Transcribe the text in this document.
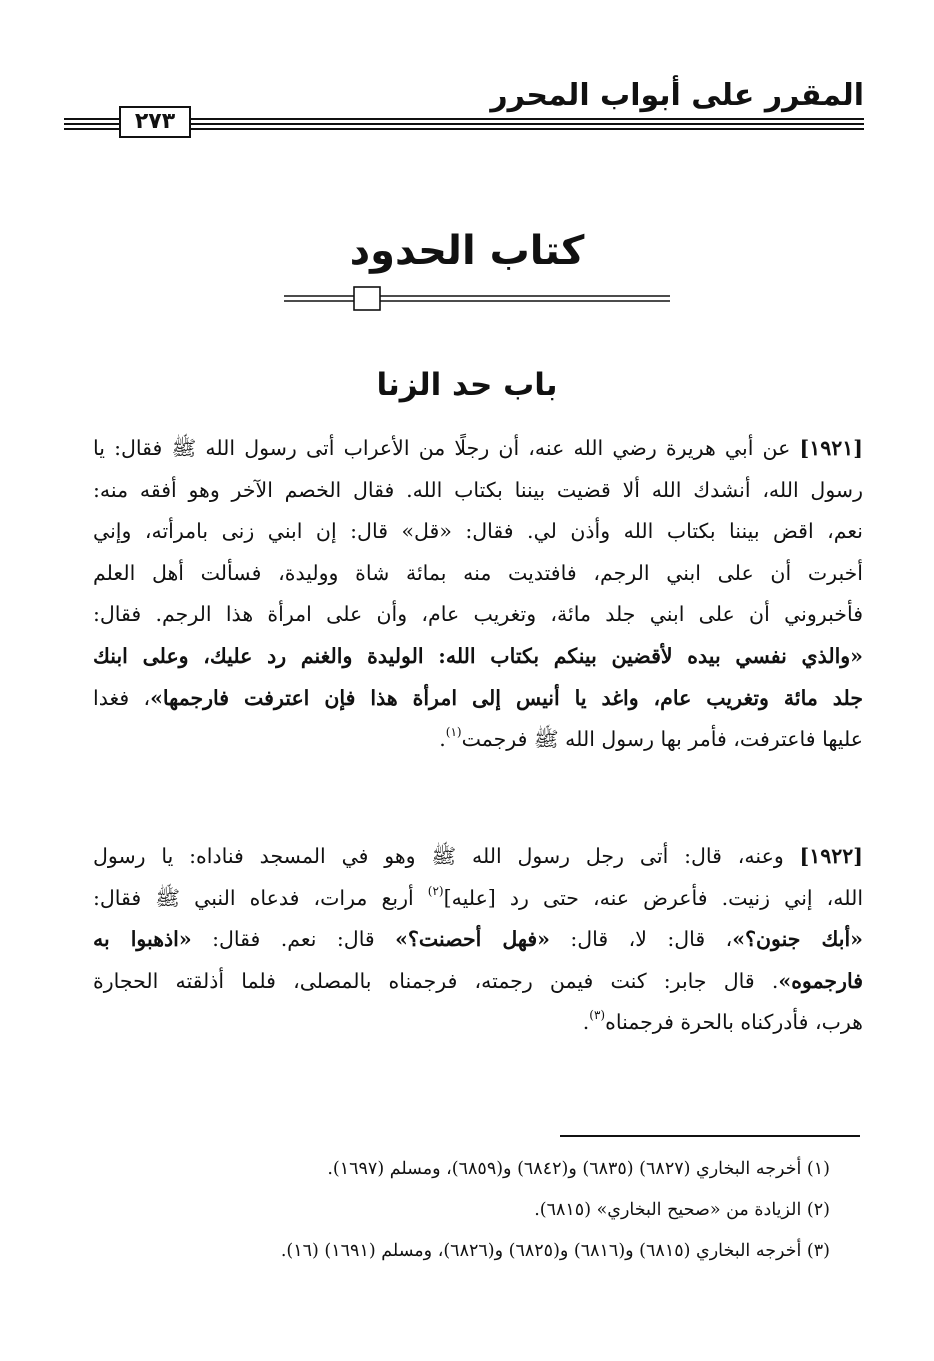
المقرر على أبواب المحرر
٢٧٣
كتاب الحدود
باب حد الزنا
[١٩٢١] عن أبي هريرة رضي الله عنه، أن رجلًا من الأعراب أتى رسول الله ﷺ فقال: يا
رسول الله، أنشدك الله ألا قضيت بيننا بكتاب الله. فقال الخصم الآخر وهو أفقه منه:
نعم، اقض بيننا بكتاب الله وأذن لي. فقال: «قل» قال: إن ابني زنى بامرأته، وإني
أخبرت أن على ابني الرجم، فافتديت منه بمائة شاة ووليدة، فسألت أهل العلم
فأخبروني أن على ابني جلد مائة، وتغريب عام، وأن على امرأة هذا الرجم. فقال:
«والذي نفسي بيده لأقضين بينكم بكتاب الله: الوليدة والغنم رد عليك، وعلى ابنك
جلد مائة وتغريب عام، واغد يا أنيس إلى امرأة هذا فإن اعترفت فارجمها»، فغدا
عليها فاعترفت، فأمر بها رسول الله ﷺ فرجمت$^{(١)}$.
[١٩٢٢] وعنه، قال: أتى رجل رسول الله ﷺ وهو في المسجد فناداه: يا رسول
الله، إني زنيت. فأعرض عنه، حتى رد [عليه]$^{(٢)}$ أربع مرات، فدعاه النبي ﷺ فقال:
«أبك جنون؟»، قال: لا، قال: «فهل أحصنت؟» قال: نعم. فقال: «اذهبوا به
فارجموه». قال جابر: كنت فيمن رجمته، فرجمناه بالمصلى، فلما أذلقته الحجارة
هرب، فأدركناه بالحرة فرجمناه$^{(٣)}$.
(١) أخرجه البخاري (٦٨٢٧) (٦٨٣٥) و(٦٨٤٢) و(٦٨٥٩)، ومسلم (١٦٩٧).
(٢) الزيادة من «صحيح البخاري» (٦٨١٥).
(٣) أخرجه البخاري (٦٨١٥) و(٦٨١٦) و(٦٨٢٥) و(٦٨٢٦)، ومسلم (١٦٩١) (١٦).
